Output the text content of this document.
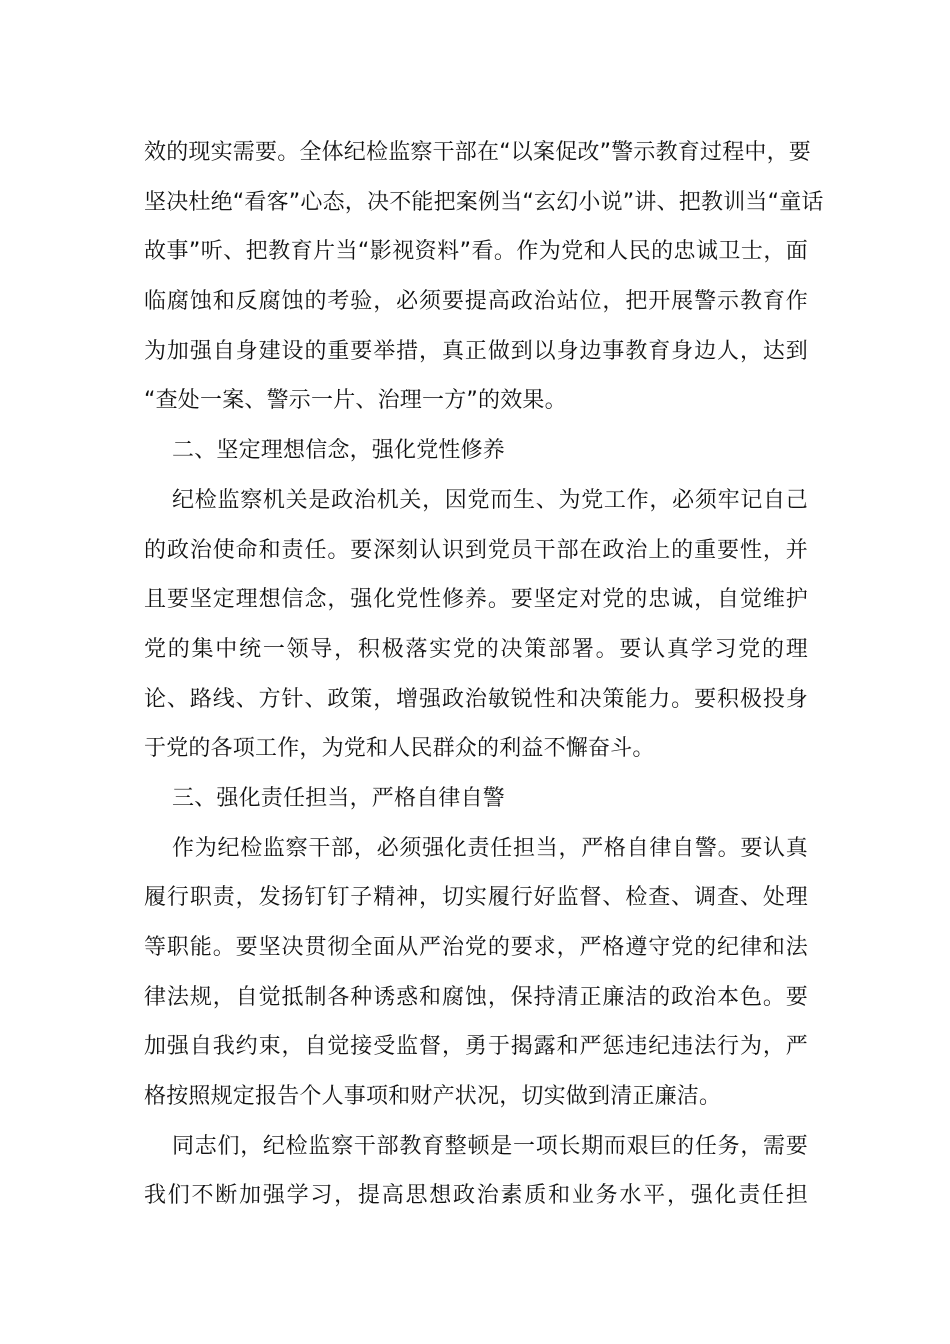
效的现实需要。全体纪检监察干部在“以案促改”警示教育过程中，要
坚决杜绝“看客”心态，决不能把案例当“玄幻小说”讲、把教训当“童话
故事”听、把教育片当“影视资料”看。作为党和人民的忠诚卫士，面
临腐蚀和反腐蚀的考验，必须要提高政治站位，把开展警示教育作
为加强自身建设的重要举措，真正做到以身边事教育身边人，达到
“查处一案、警示一片、治理一方”的效果。
二、坚定理想信念，强化党性修养
纪检监察机关是政治机关，因党而生、为党工作，必须牢记自己
的政治使命和责任。要深刻认识到党员干部在政治上的重要性，并
且要坚定理想信念，强化党性修养。要坚定对党的忠诚，自觉维护
党的集中统一领导，积极落实党的决策部署。要认真学习党的理
论、路线、方针、政策，增强政治敏锐性和决策能力。要积极投身
于党的各项工作，为党和人民群众的利益不懈奋斗。
三、强化责任担当，严格自律自警
作为纪检监察干部，必须强化责任担当，严格自律自警。要认真
履行职责，发扬钉钉子精神，切实履行好监督、检查、调查、处理
等职能。要坚决贯彻全面从严治党的要求，严格遵守党的纪律和法
律法规，自觉抵制各种诱惑和腐蚀，保持清正廉洁的政治本色。要
加强自我约束，自觉接受监督，勇于揭露和严惩违纪违法行为，严
格按照规定报告个人事项和财产状况，切实做到清正廉洁。
同志们，纪检监察干部教育整顿是一项长期而艰巨的任务，需要
我们不断加强学习，提高思想政治素质和业务水平，强化责任担
